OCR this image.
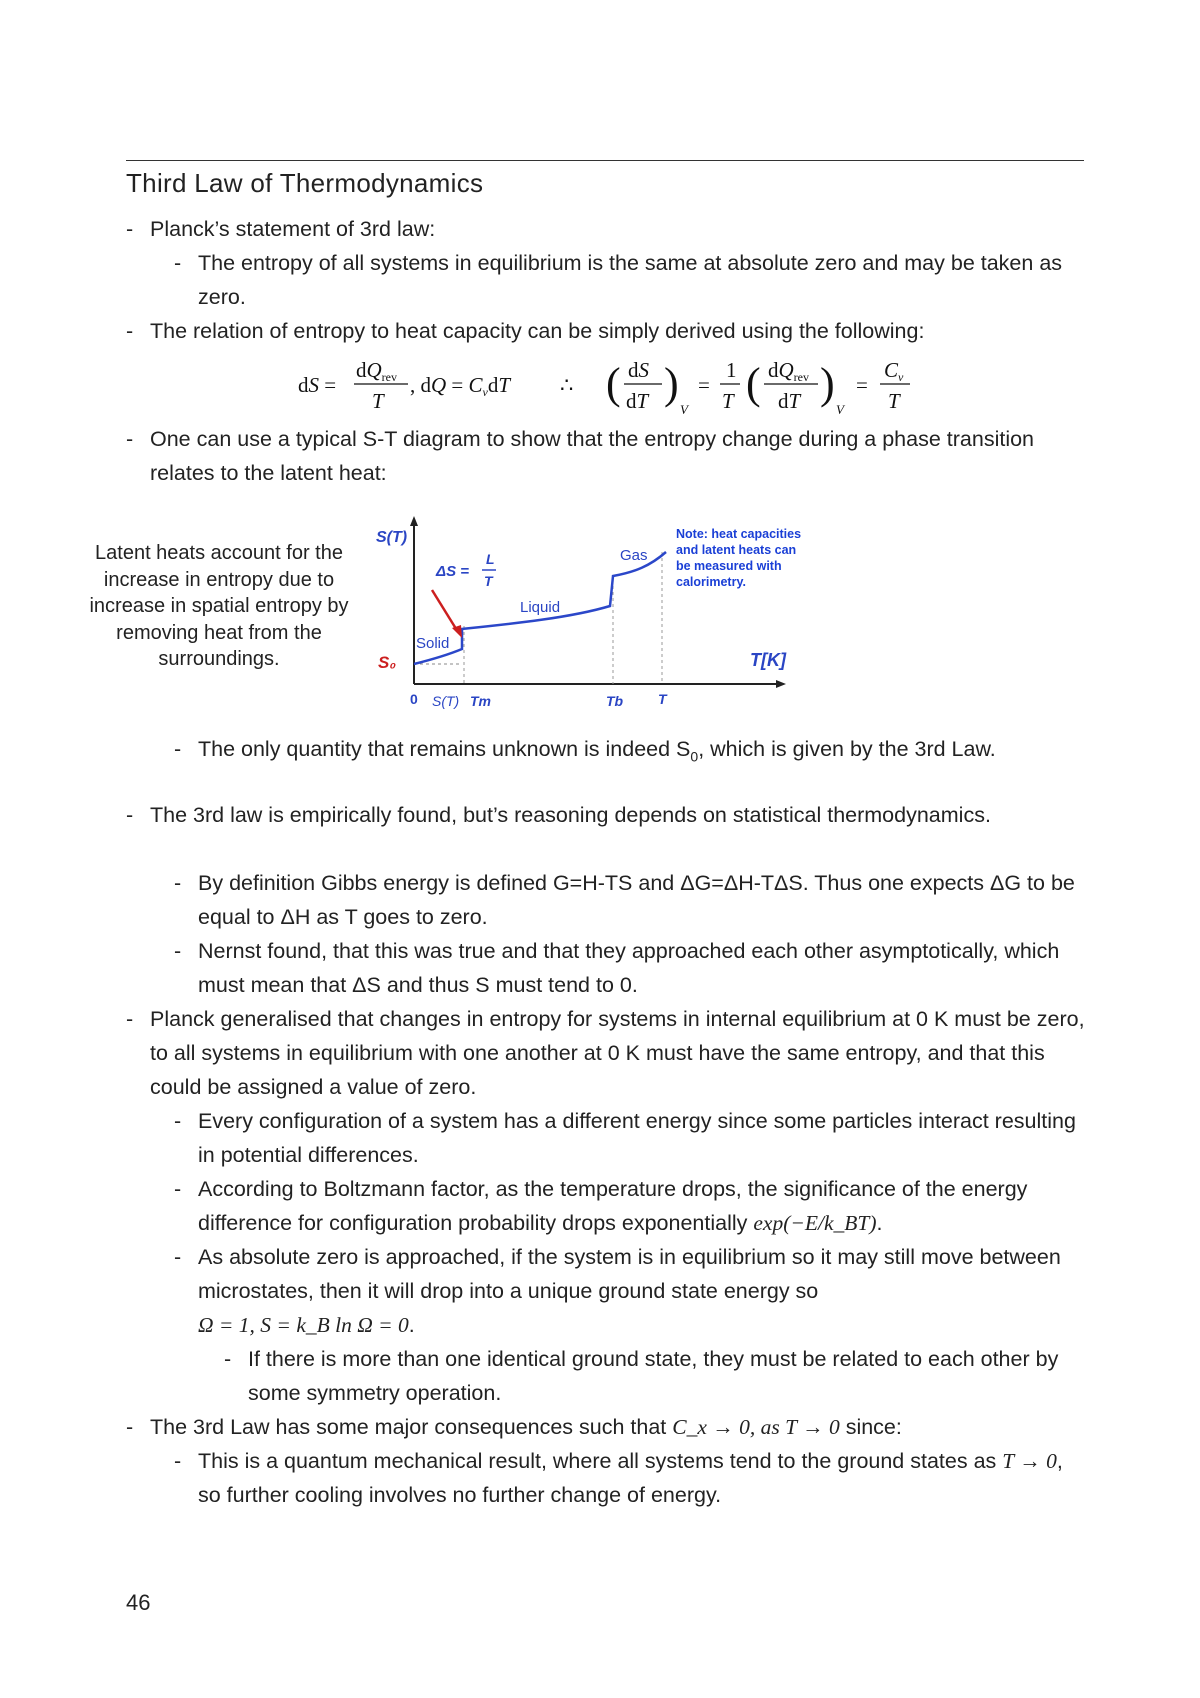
Third Law of Thermodynamics
- Planck’s statement of 3rd law:
- The entropy of all systems in equilibrium is the same at absolute zero and may be taken as zero.
- The relation of entropy to heat capacity can be simply derived using the following:
dS =
dQrev
T
, dQ = CvdT ∴ ( dS
dT )
V
=
1
T ( dQrev
dT )
V
=
Cv
T
- One can use a typical S-T diagram to show that the entropy change during a phase transition relates to the latent heat:
Latent heats account for the increase in entropy due to increase in spatial entropy by removing heat from the surroundings.
S(T)
T[K]
S₀
0
Solid
Liquid
Gas
ΔS =
L
T
Note: heat capacities
and latent heats can
be measured with
calorimetry.
S(T) Tm	Tb T
- The only quantity that remains unknown is indeed $S_0$, which is given by the 3rd Law.
- The 3rd law is empirically found, but’s reasoning depends on statistical thermodynamics.
- By definition Gibbs energy is defined G=H-TS and ΔG=ΔH-TΔS. Thus one expects ΔG to be equal to ΔH as T goes to zero.
- Nernst found, that this was true and that they approached each other asymptotically, which must mean that ΔS and thus S must tend to 0.
- Planck generalised that changes in entropy for systems in internal equilibrium at 0 K must be zero, to all systems in equilibrium with one another at 0 K must have the same entropy, and that this could be assigned a value of zero.
- Every configuration of a system has a different energy since some particles interact resulting in potential differences.
- According to Boltzmann factor, as the temperature drops, the significance of the energy difference for configuration probability drops exponentially exp(−E/k_BT).
- As absolute zero is approached, if the system is in equilibrium so it may still move between microstates, then it will drop into a unique ground state energy so
Ω = 1, S = k_B ln Ω = 0.
- If there is more than one identical ground state, they must be related to each other by some symmetry operation.
- The 3rd Law has some major consequences such that C_x → 0, as T → 0 since:
- This is a quantum mechanical result, where all systems tend to the ground states as T → 0, so further cooling involves no further change of energy.
46
